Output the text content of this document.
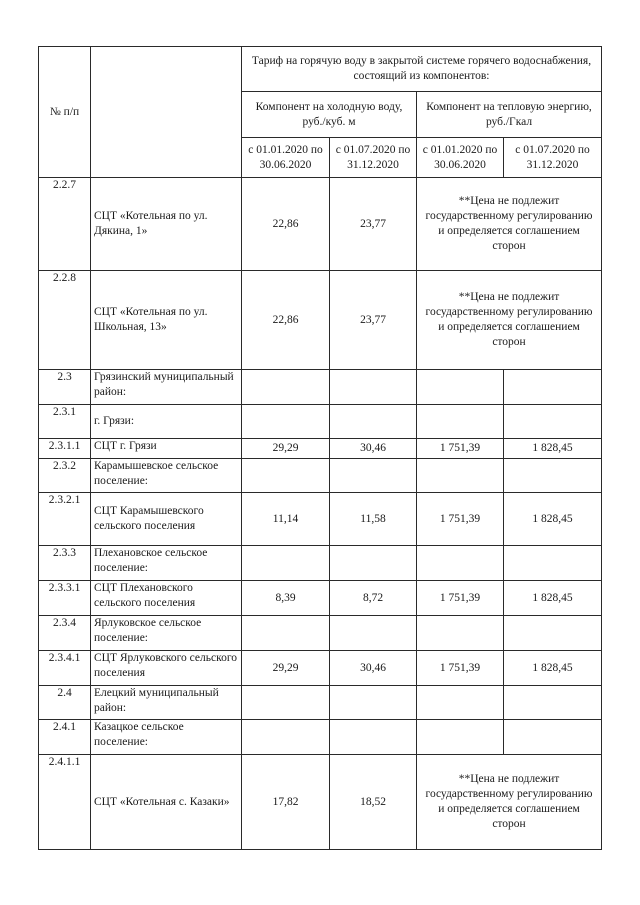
№ п/п		Тариф на горячую воду в закрытой системе горячего водоснабжения, состоящий из компонентов:			
		Компонент на холодную воду, руб./куб. м		Компонент на тепловую энергию, руб./Гкал	
		с 01.01.2020 по 30.06.2020	с 01.07.2020 по 31.12.2020	с 01.01.2020 по 30.06.2020	с 01.07.2020 по 31.12.2020
2.2.7	СЦТ «Котельная по ул. Дякина, 1»	22,86	23,77	**Цена не подлежит государственному регулированию и определяется соглашением сторон	
2.2.8	СЦТ «Котельная по ул. Школьная, 13»	22,86	23,77	**Цена не подлежит государственному регулированию и определяется соглашением сторон	
2.3	Грязинский муниципальный район:				
2.3.1	г. Грязи:				
2.3.1.1	СЦТ г. Грязи	29,29	30,46	1 751,39	1 828,45
2.3.2	Карамышевское сельское поселение:				
2.3.2.1	СЦТ Карамышевского сельского поселения	11,14	11,58	1 751,39	1 828,45
2.3.3	Плехановское сельское поселение:				
2.3.3.1	СЦТ Плехановского сельского поселения	8,39	8,72	1 751,39	1 828,45
2.3.4	Ярлуковское сельское поселение:				
2.3.4.1	СЦТ Ярлуковского сельского поселения	29,29	30,46	1 751,39	1 828,45
2.4	Елецкий муниципальный район:				
2.4.1	Казацкое сельское поселение:				
2.4.1.1	СЦТ «Котельная с. Казаки»	17,82	18,52	**Цена не подлежит государственному регулированию и определяется соглашением сторон	
